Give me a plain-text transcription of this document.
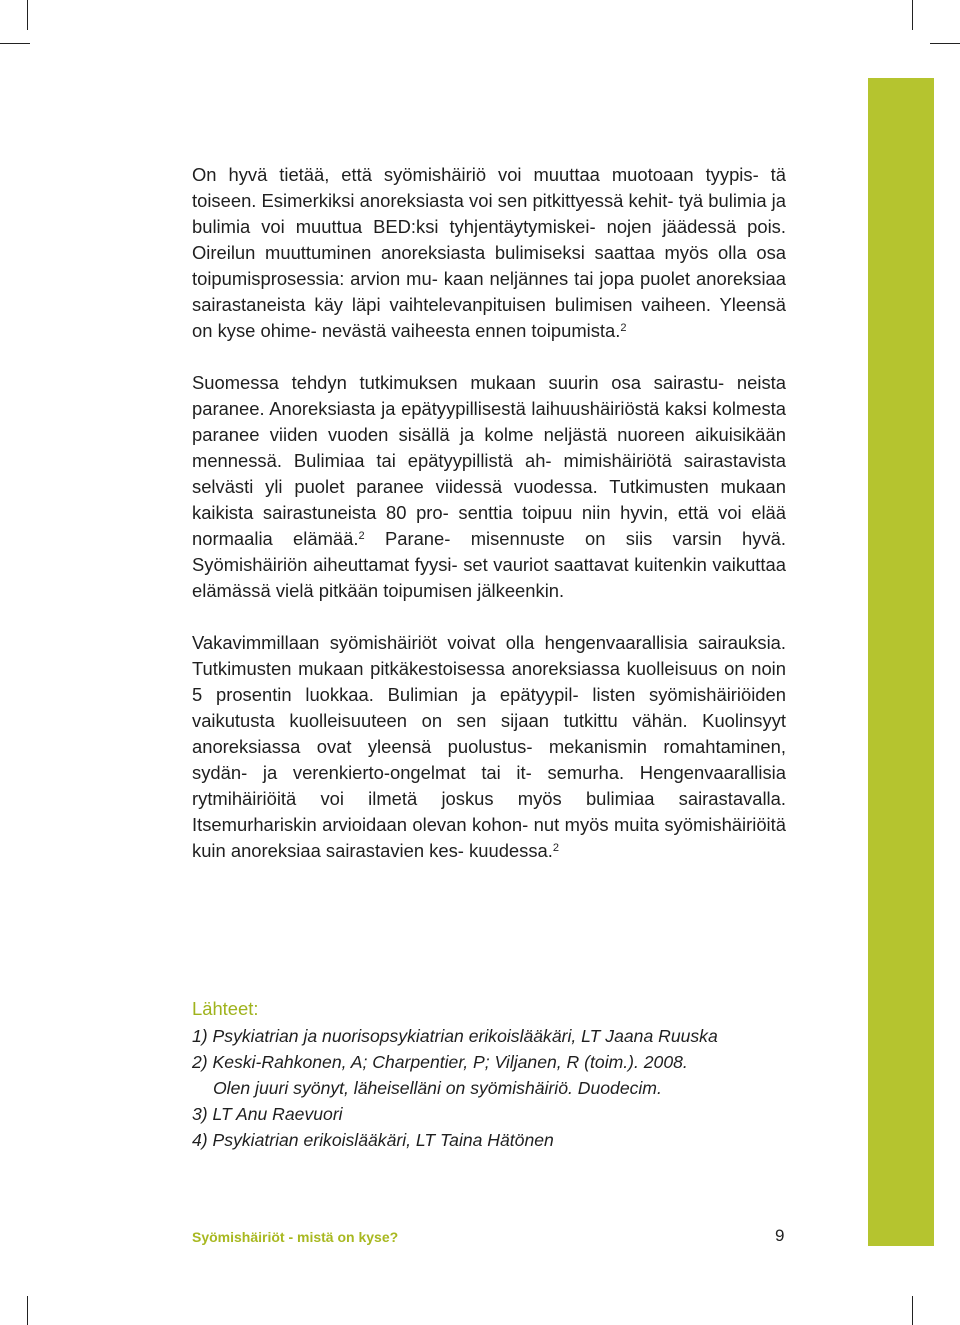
On hyvä tietää, että syömishäiriö voi muuttaa muotoaan tyypis- tä toiseen. Esimerkiksi anoreksiasta voi sen pitkittyessä kehit- tyä bulimia ja bulimia voi muuttua BED:ksi tyhjentäytymiskei- nojen jäädessä pois. Oireilun muuttuminen anoreksiasta bulimiseksi saattaa myös olla osa toipumisprosessia: arvion mu- kaan neljännes tai jopa puolet anoreksiaa sairastaneista käy läpi vaihtelevanpituisen bulimisen vaiheen. Yleensä on kyse ohime- nevästä vaiheesta ennen toipumista.$^2$

Suomessa tehdyn tutkimuksen mukaan suurin osa sairastu- neista paranee. Anoreksiasta ja epätyypillisestä laihuushäiriöstä kaksi kolmesta paranee viiden vuoden sisällä ja kolme neljästä nuoreen aikuisikään mennessä. Bulimiaa tai epätyypillistä ah- mimishäiriötä sairastavista selvästi yli puolet paranee viidessä vuodessa. Tutkimusten mukaan kaikista sairastuneista 80 pro- senttia toipuu niin hyvin, että voi elää normaalia elämää.$^2$ Parane- misennuste on siis varsin hyvä. Syömishäiriön aiheuttamat fyysi- set vauriot saattavat kuitenkin vaikuttaa elämässä vielä pitkään toipumisen jälkeenkin.

Vakavimmillaan syömishäiriöt voivat olla hengenvaarallisia sairauksia. Tutkimusten mukaan pitkäkestoisessa anoreksiassa kuolleisuus on noin 5 prosentin luokkaa. Bulimian ja epätyypil- listen syömishäiriöiden vaikutusta kuolleisuuteen on sen sijaan tutkittu vähän. Kuolinsyyt anoreksiassa ovat yleensä puolustus- mekanismin romahtaminen, sydän- ja verenkierto-ongelmat tai it- semurha. Hengenvaarallisia rytmihäiriöitä voi ilmetä joskus myös bulimiaa sairastavalla. Itsemurhariskin arvioidaan olevan kohon- nut myös muita syömishäiriöitä kuin anoreksiaa sairastavien kes- kuudessa.$^2$

Lähteet:

1) Psykiatrian ja nuorisopsykiatrian erikoislääkäri, LT Jaana Ruuska

2) Keski-Rahkonen, A; Charpentier, P; Viljanen, R (toim.). 2008.

Olen juuri syönyt, läheiselläni on syömishäiriö. Duodecim.

3) LT Anu Raevuori

4) Psykiatrian erikoislääkäri, LT Taina Hätönen

Syömishäiriöt - mistä on kyse?	9
